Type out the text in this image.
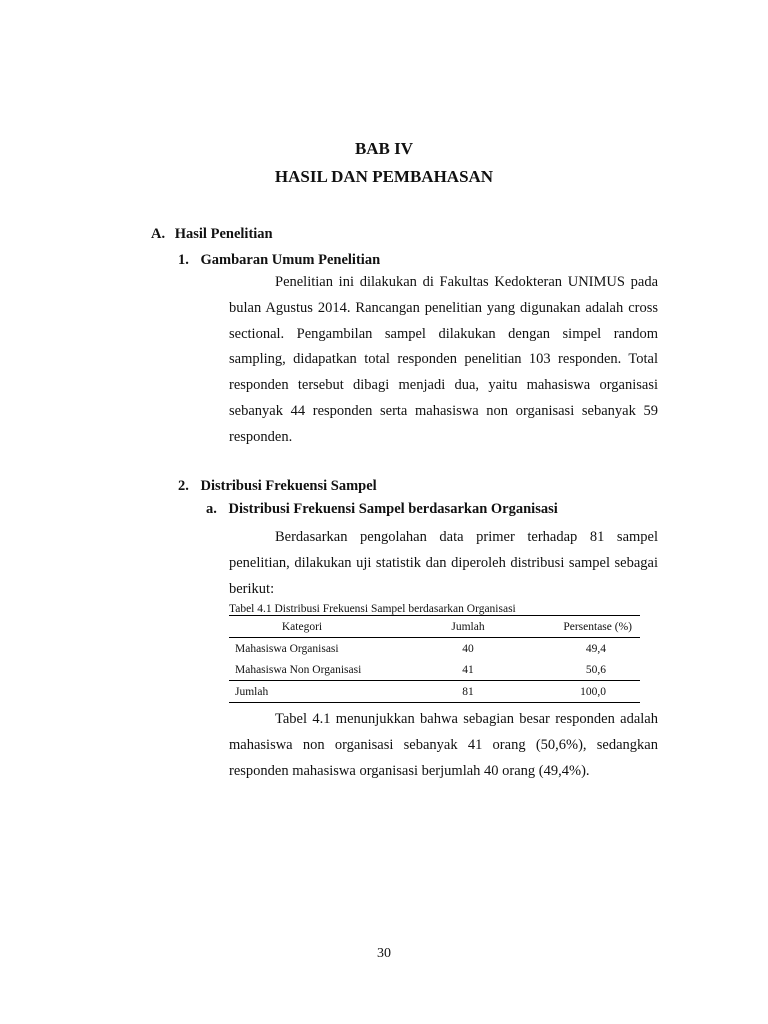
BAB IV
HASIL DAN PEMBAHASAN
A. Hasil Penelitian
1. Gambaran Umum Penelitian

Penelitian ini dilakukan di Fakultas Kedokteran UNIMUS pada bulan Agustus 2014. Rancangan penelitian yang digunakan adalah cross sectional. Pengambilan sampel dilakukan dengan simpel random sampling, didapatkan total responden penelitian 103 responden. Total responden tersebut dibagi menjadi dua, yaitu mahasiswa organisasi sebanyak 44 responden serta mahasiswa non organisasi sebanyak 59 responden.

2. Distribusi Frekuensi Sampel
a. Distribusi Frekuensi Sampel berdasarkan Organisasi

Berdasarkan pengolahan data primer terhadap 81 sampel penelitian, dilakukan uji statistik dan diperoleh distribusi sampel sebagai berikut:

Tabel 4.1 Distribusi Frekuensi Sampel berdasarkan Organisasi
Kategori	Jumlah	Persentase (%)
Mahasiswa Organisasi	40	49,4
Mahasiswa Non Organisasi	41	50,6
Jumlah	81	100,0

Tabel 4.1 menunjukkan bahwa sebagian besar responden adalah mahasiswa non organisasi sebanyak 41 orang (50,6%), sedangkan responden mahasiswa organisasi berjumlah 40 orang (49,4%).

30
